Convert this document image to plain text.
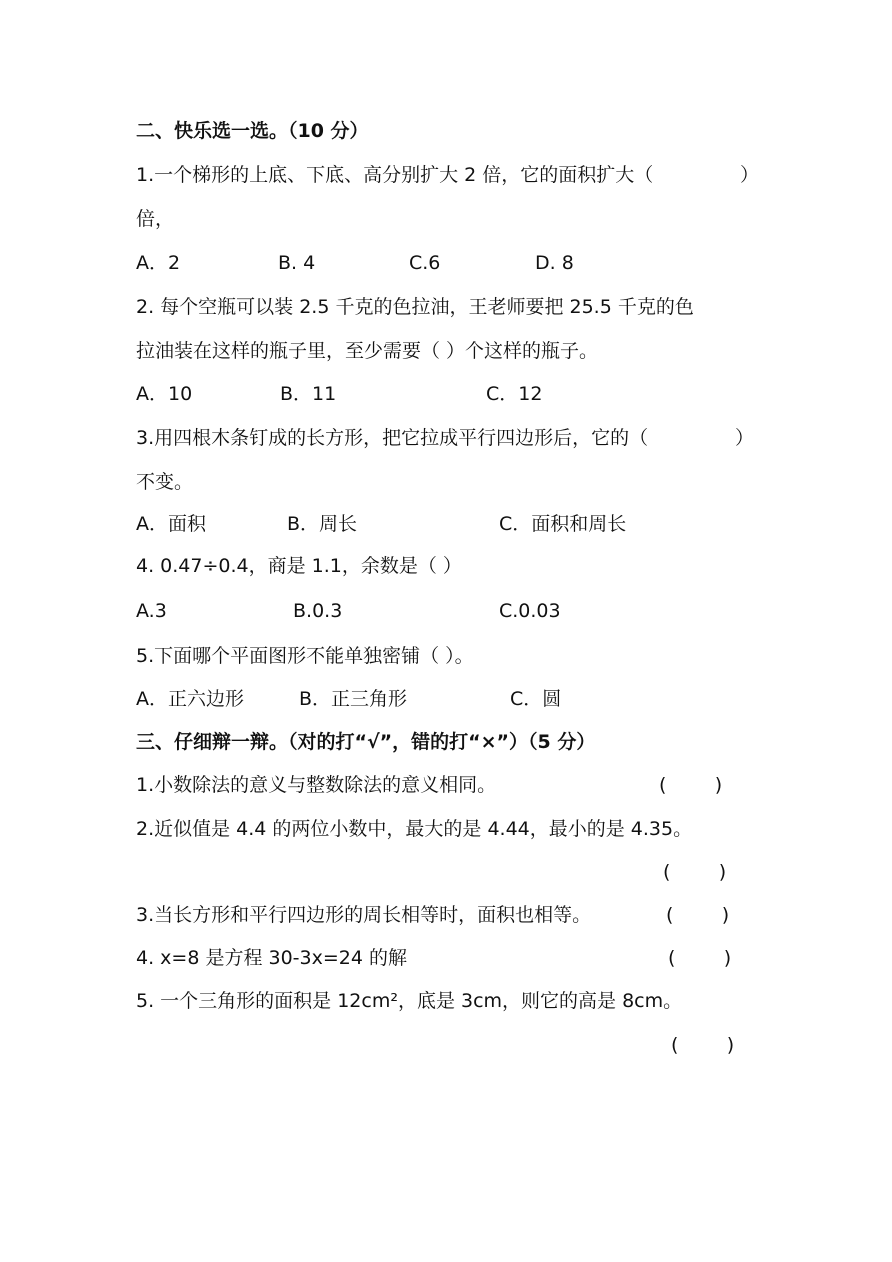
二、快乐选一选。（10 分）
1.一个梯形的上底、下底、高分别扩大 2 倍，它的面积扩大（	）
倍，
A．2	B. 4	C.6	D. 8
2. 每个空瓶可以装 2.5 千克的色拉油，王老师要把 25.5 千克的色
拉油装在这样的瓶子里，至少需要（ ）个这样的瓶子。
A．10	B．11	C．12
3.用四根木条钉成的长方形，把它拉成平行四边形后，它的（	）
不变。
A．面积	B．周长	C．面积和周长
4. 0.47÷0.4，商是 1.1，余数是（ ）
A.3	B.0.3	C.0.03
5.下面哪个平面图形不能单独密铺（ ）。
A．正六边形	B．正三角形	C．圆
三、仔细辩一辩。（对的打“√”，错的打“×”）（5 分）
1.小数除法的意义与整数除法的意义相同。	(        )
2.近似值是 4.4 的两位小数中，最大的是 4.44，最小的是 4.35。
(        )
3.当长方形和平行四边形的周长相等时，面积也相等。	(        )
4. x=8 是方程 30-3x=24 的解	(        )
5. 一个三角形的面积是 12cm²，底是 3cm，则它的高是 8cm。
(        )
